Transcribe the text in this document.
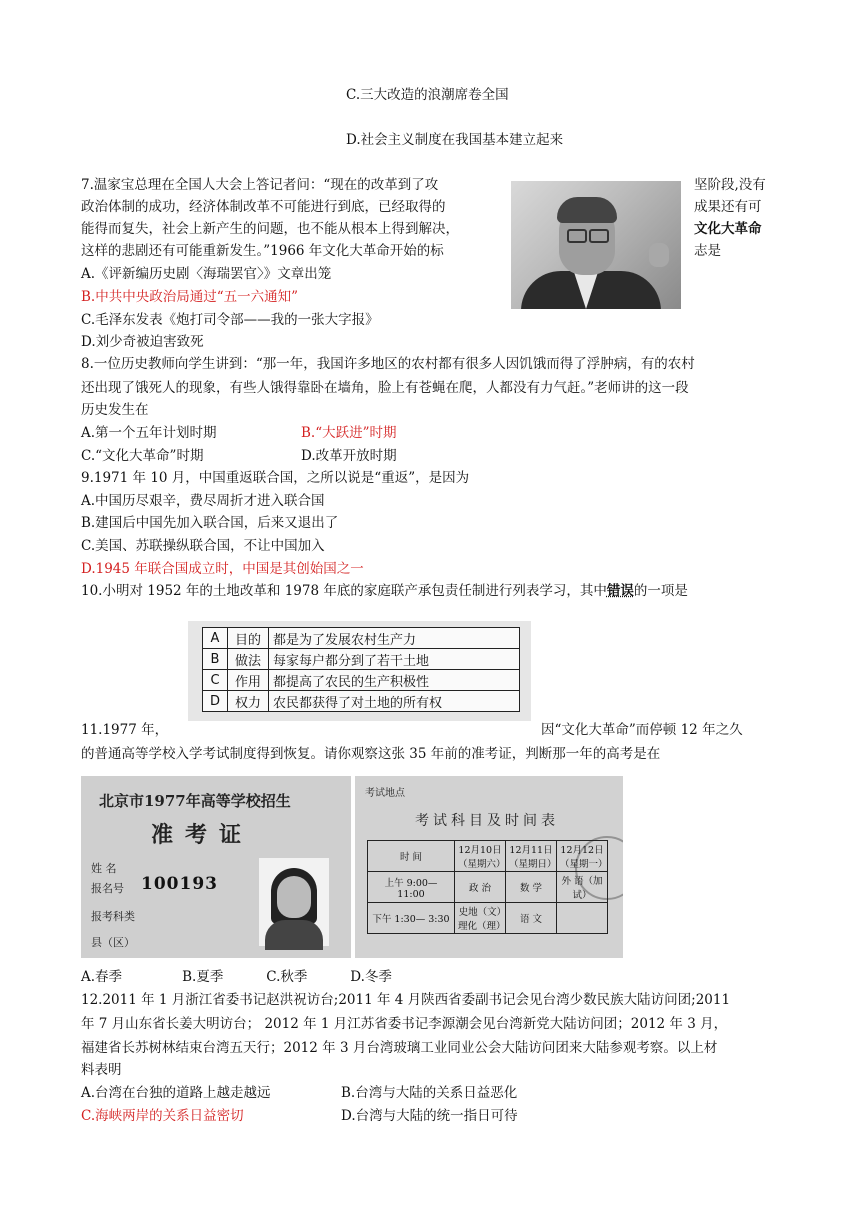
C.三大改造的浪潮席卷全国
D.社会主义制度在我国基本建立起来
7.温家宝总理在全国人大会上答记者问：“现在的改革到了攻	坚阶段,没有
政治体制的成功，经济体制改革不可能进行到底，已经取得的	成果还有可
能得而复失，社会上新产生的问题，也不能从根本上得到解决，	文化大革命
这样的悲剧还有可能重新发生。”1966 年文化大革命开始的标	志是
A.《评新编历史剧〈海瑞罢官〉》文章出笼
B.中共中央政治局通过“五一六通知”
C.毛泽东发表《炮打司令部——我的一张大字报》
D.刘少奇被迫害致死
8.一位历史教师向学生讲到：“那一年，我国许多地区的农村都有很多人因饥饿而得了浮肿病，有的农村
还出现了饿死人的现象，有些人饿得靠卧在墙角，脸上有苍蝇在爬，人都没有力气赶。”老师讲的这一段
历史发生在
A.第一个五年计划时期	B.“大跃进”时期
C.“文化大革命”时期	D.改革开放时期
9.1971 年 10 月，中国重返联合国，之所以说是“重返”，是因为
A.中国历尽艰辛，费尽周折才进入联合国
B.建国后中国先加入联合国，后来又退出了
C.美国、苏联操纵联合国，不让中国加入
D.1945 年联合国成立时，中国是其创始国之一
10.小明对 1952 年的土地改革和 1978 年底的家庭联产承包责任制进行列表学习，其中错误的一项是
A	目的	都是为了发展农村生产力
B	做法	每家每户都分到了若干土地
C	作用	都提高了农民的生产积极性
D	权力	农民都获得了对土地的所有权
11.1977 年，	因“文化大革命”而停顿 12 年之久
的普通高等学校入学考试制度得到恢复。请你观察这张 35 年前的准考证，判断那一年的高考是在
北京市1977年高等学校招生
准考证
姓 名
报名号 100193
报考科类
县（区）
考试地点
考试科目及时间表
时 间	12月10日（星期六）	12月11日（星期日）	12月12日（星期一）
上午 9:00—11:00	政 治	数 学	外 语（加试）
下午 1:30— 3:30	史地（文）理化（理）	语 文	
A.春季              B.夏季          C.秋季          D.冬季
12.2011 年 1 月浙江省委书记赵洪祝访台;2011 年 4 月陕西省委副书记会见台湾少数民族大陆访问团;2011
年 7 月山东省长姜大明访台； 2012 年 1 月江苏省委书记李源潮会见台湾新党大陆访问团；2012 年 3 月，
福建省长苏树林结束台湾五天行；2012 年 3 月台湾玻璃工业同业公会大陆访问团来大陆参观考察。以上材
料表明
A.台湾在台独的道路上越走越远	B.台湾与大陆的关系日益恶化
C.海峡两岸的关系日益密切	D.台湾与大陆的统一指日可待
